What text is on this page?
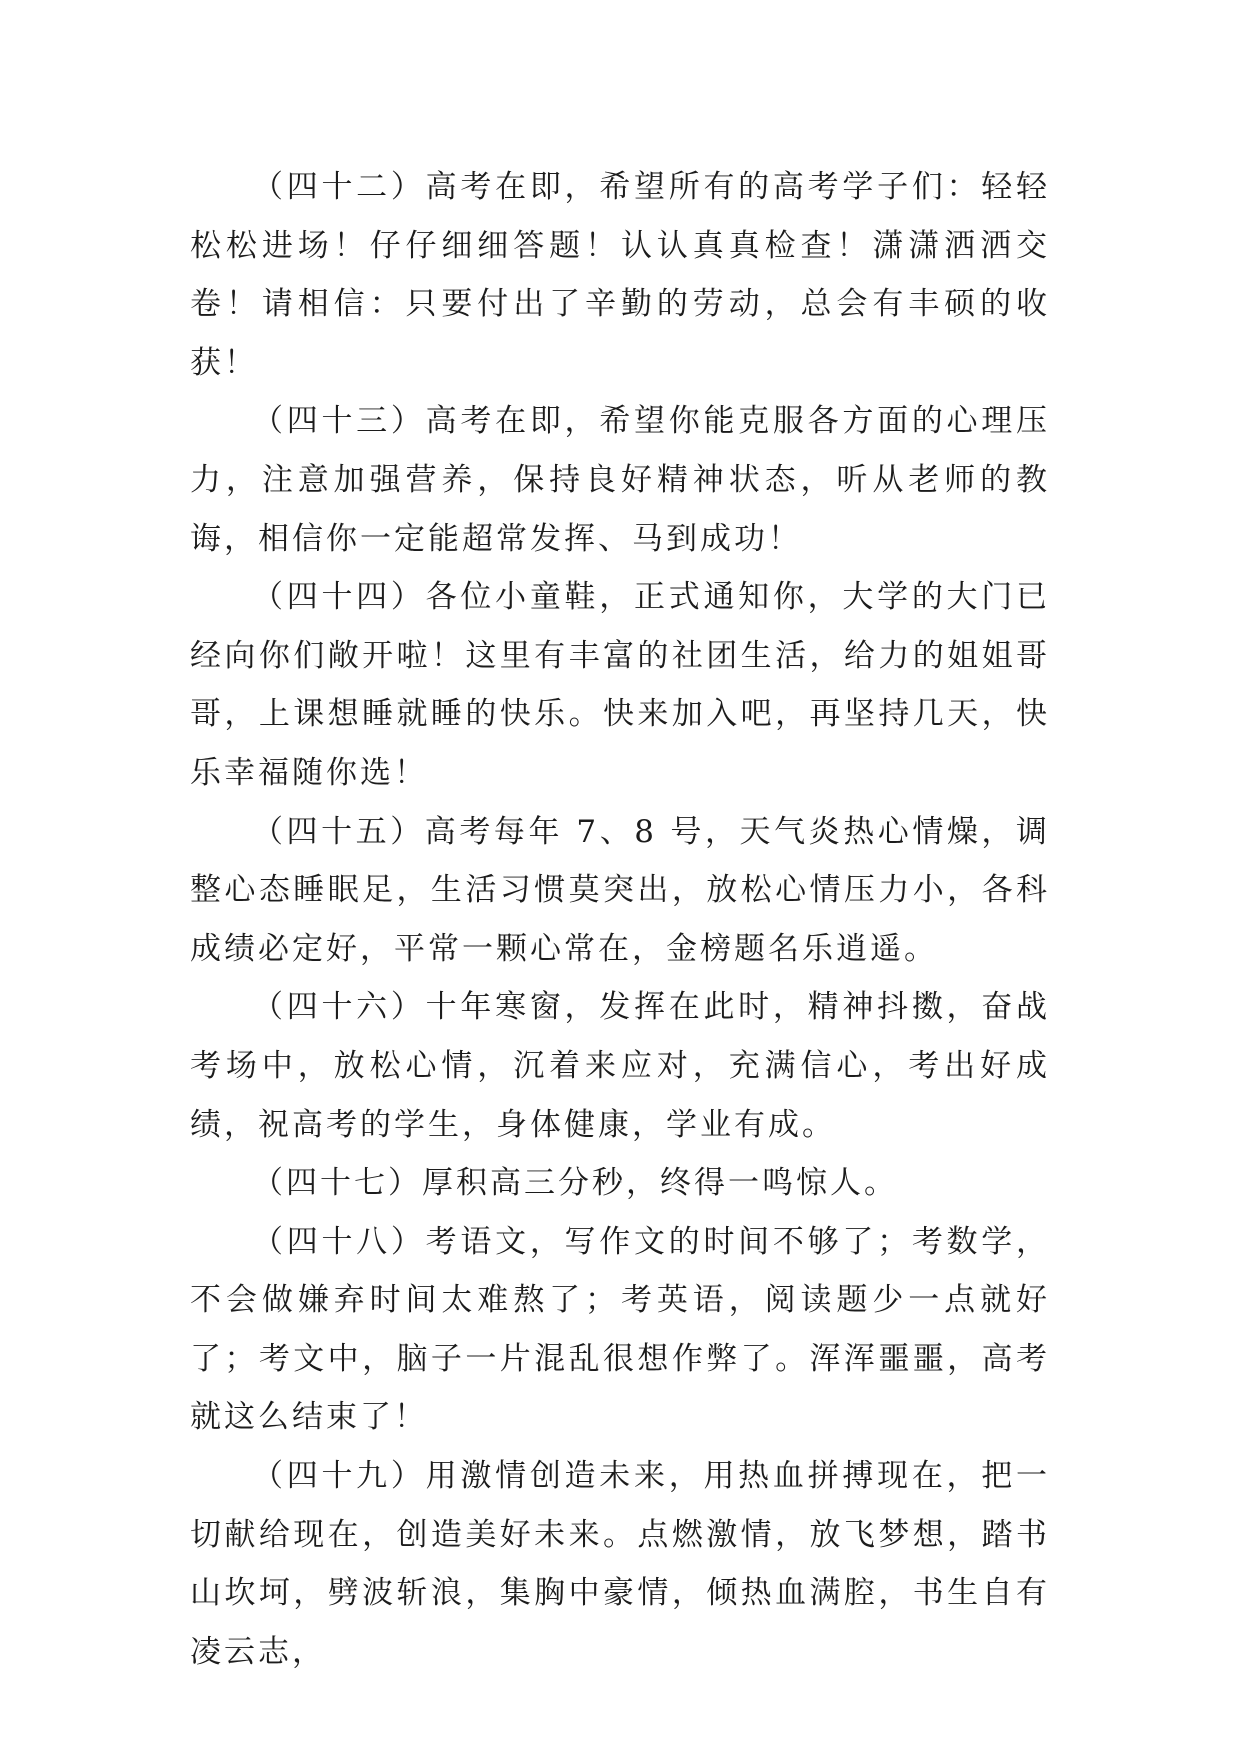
（四十二）高考在即，希望所有的高考学子们：轻轻松松进场！仔仔细细答题！认认真真检查！潇潇洒洒交卷！请相信：只要付出了辛勤的劳动，总会有丰硕的收获！

（四十三）高考在即，希望你能克服各方面的心理压力，注意加强营养，保持良好精神状态，听从老师的教诲，相信你一定能超常发挥、马到成功！

（四十四）各位小童鞋，正式通知你，大学的大门已经向你们敞开啦！这里有丰富的社团生活，给力的姐姐哥哥，上课想睡就睡的快乐。快来加入吧，再坚持几天，快乐幸福随你选！

（四十五）高考每年 7、8 号，天气炎热心情燥，调整心态睡眠足，生活习惯莫突出，放松心情压力小，各科成绩必定好，平常一颗心常在，金榜题名乐逍遥。

（四十六）十年寒窗，发挥在此时，精神抖擞，奋战考场中，放松心情，沉着来应对，充满信心，考出好成绩，祝高考的学生，身体健康，学业有成。

（四十七）厚积高三分秒，终得一鸣惊人。

（四十八）考语文，写作文的时间不够了；考数学，不会做嫌弃时间太难熬了；考英语，阅读题少一点就好了；考文中，脑子一片混乱很想作弊了。浑浑噩噩，高考就这么结束了！

（四十九）用激情创造未来，用热血拼搏现在，把一切献给现在，创造美好未来。点燃激情，放飞梦想，踏书山坎坷，劈波斩浪，集胸中豪情，倾热血满腔，书生自有凌云志，
